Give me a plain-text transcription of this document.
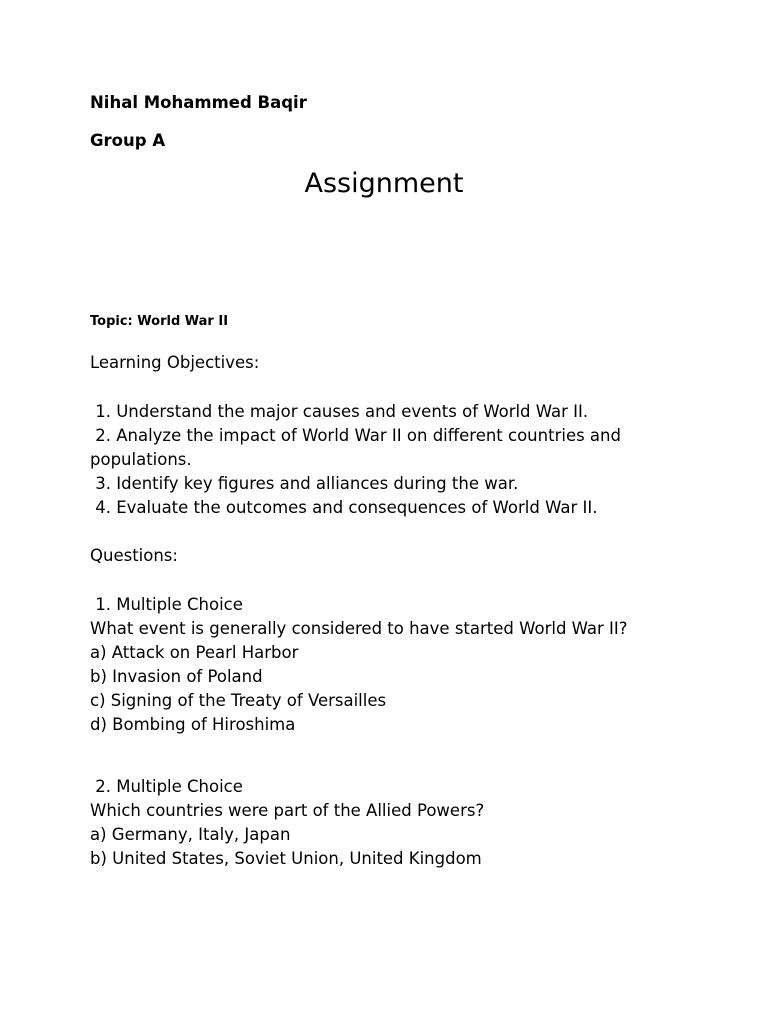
Nihal Mohammed Baqir
Group A
Assignment
Topic: World War II
Learning Objectives:
1. Understand the major causes and events of World War II.
2. Analyze the impact of World War II on different countries and
populations.
3. Identify key figures and alliances during the war.
4. Evaluate the outcomes and consequences of World War II.
Questions:
1. Multiple Choice
What event is generally considered to have started World War II?
a) Attack on Pearl Harbor
b) Invasion of Poland
c) Signing of the Treaty of Versailles
d) Bombing of Hiroshima
2. Multiple Choice
Which countries were part of the Allied Powers?
a) Germany, Italy, Japan
b) United States, Soviet Union, United Kingdom
